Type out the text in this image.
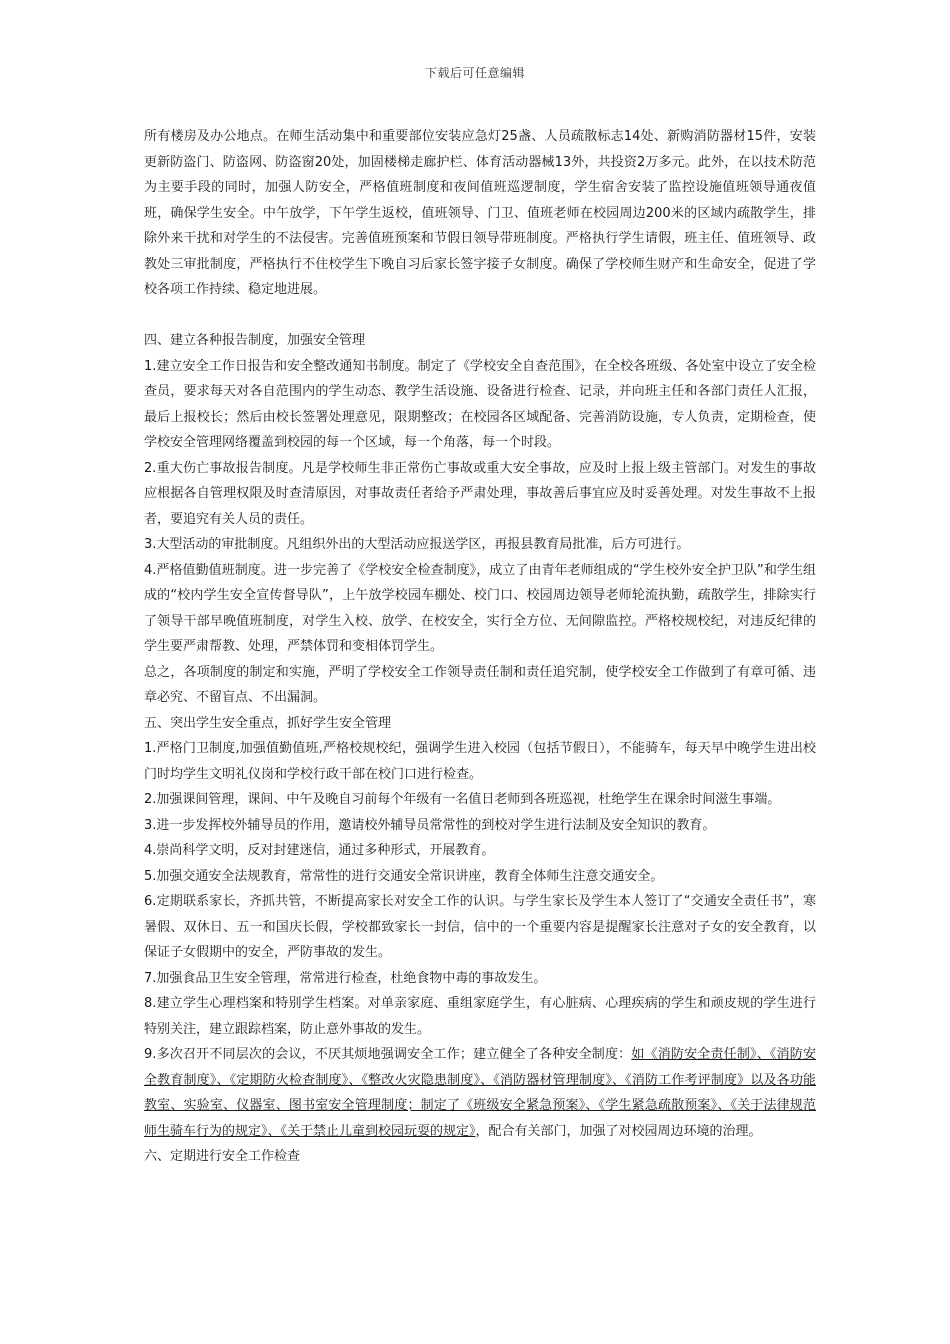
下载后可任意编辑

所有楼房及办公地点。在师生活动集中和重要部位安装应急灯25盏、人员疏散标志14处、新购消防器材15件，安装更新防盗门、防盗网、防盗窗20处，加固楼梯走廊护栏、体育活动器械13外，共投资2万多元。此外，在以技术防范为主要手段的同时，加强人防安全，严格值班制度和夜间值班巡逻制度，学生宿舍安装了监控设施值班领导通夜值班，确保学生安全。中午放学，下午学生返校，值班领导、门卫、值班老师在校园周边200米的区域内疏散学生，排除外来干扰和对学生的不法侵害。完善值班预案和节假日领导带班制度。严格执行学生请假，班主任、值班领导、政教处三审批制度，严格执行不住校学生下晚自习后家长签字接子女制度。确保了学校师生财产和生命安全，促进了学校各项工作持续、稳定地进展。

四、建立各种报告制度，加强安全管理

1.建立安全工作日报告和安全整改通知书制度。制定了《学校安全自查范围》，在全校各班级、各处室中设立了安全检查员，要求每天对各自范围内的学生动态、教学生活设施、设备进行检查、记录，并向班主任和各部门责任人汇报，最后上报校长；然后由校长签署处理意见，限期整改；在校园各区域配备、完善消防设施，专人负责，定期检查，使学校安全管理网络覆盖到校园的每一个区域，每一个角落，每一个时段。

2.重大伤亡事故报告制度。凡是学校师生非正常伤亡事故或重大安全事故，应及时上报上级主管部门。对发生的事故应根据各自管理权限及时查清原因，对事故责任者给予严肃处理，事故善后事宜应及时妥善处理。对发生事故不上报者，要追究有关人员的责任。

3.大型活动的审批制度。凡组织外出的大型活动应报送学区，再报县教育局批准，后方可进行。

4.严格值勤值班制度。进一步完善了《学校安全检查制度》，成立了由青年老师组成的“学生校外安全护卫队”和学生组成的“校内学生安全宣传督导队”，上午放学校园车棚处、校门口、校园周边领导老师轮流执勤，疏散学生，排除实行了领导干部早晚值班制度，对学生入校、放学、在校安全，实行全方位、无间隙监控。严格校规校纪，对违反纪律的学生要严肃帮教、处理，严禁体罚和变相体罚学生。

总之，各项制度的制定和实施，严明了学校安全工作领导责任制和责任追究制，使学校安全工作做到了有章可循、违章必究、不留盲点、不出漏洞。

五、突出学生安全重点，抓好学生安全管理

1.严格门卫制度,加强值勤值班,严格校规校纪，强调学生进入校园（包括节假日），不能骑车，每天早中晚学生进出校门时均学生文明礼仪岗和学校行政干部在校门口进行检查。

2.加强课间管理，课间、中午及晚自习前每个年级有一名值日老师到各班巡视，杜绝学生在课余时间滋生事端。

3.进一步发挥校外辅导员的作用，邀请校外辅导员常常性的到校对学生进行法制及安全知识的教育。

4.崇尚科学文明，反对封建迷信，通过多种形式，开展教育。

5.加强交通安全法规教育，常常性的进行交通安全常识讲座，教育全体师生注意交通安全。

6.定期联系家长，齐抓共管，不断提高家长对安全工作的认识。与学生家长及学生本人签订了“交通安全责任书”，寒暑假、双休日、五一和国庆长假，学校都致家长一封信，信中的一个重要内容是提醒家长注意对子女的安全教育，以保证子女假期中的安全，严防事故的发生。

7.加强食品卫生安全管理，常常进行检查，杜绝食物中毒的事故发生。

8.建立学生心理档案和特别学生档案。对单亲家庭、重组家庭学生，有心脏病、心理疾病的学生和顽皮规的学生进行特别关注，建立跟踪档案，防止意外事故的发生。

9.多次召开不同层次的会议，不厌其烦地强调安全工作；建立健全了各种安全制度：如《消防安全责任制》、《消防安全教育制度》、《定期防火检查制度》、《整改火灾隐患制度》、《消防器材管理制度》、《消防工作考评制度》以及各功能教室、实验室、仪器室、图书室安全管理制度；制定了《班级安全紧急预案》、《学生紧急疏散预案》、《关于法律规范师生骑车行为的规定》、《关于禁止儿童到校园玩耍的规定》，配合有关部门，加强了对校园周边环境的治理。

六、定期进行安全工作检查
